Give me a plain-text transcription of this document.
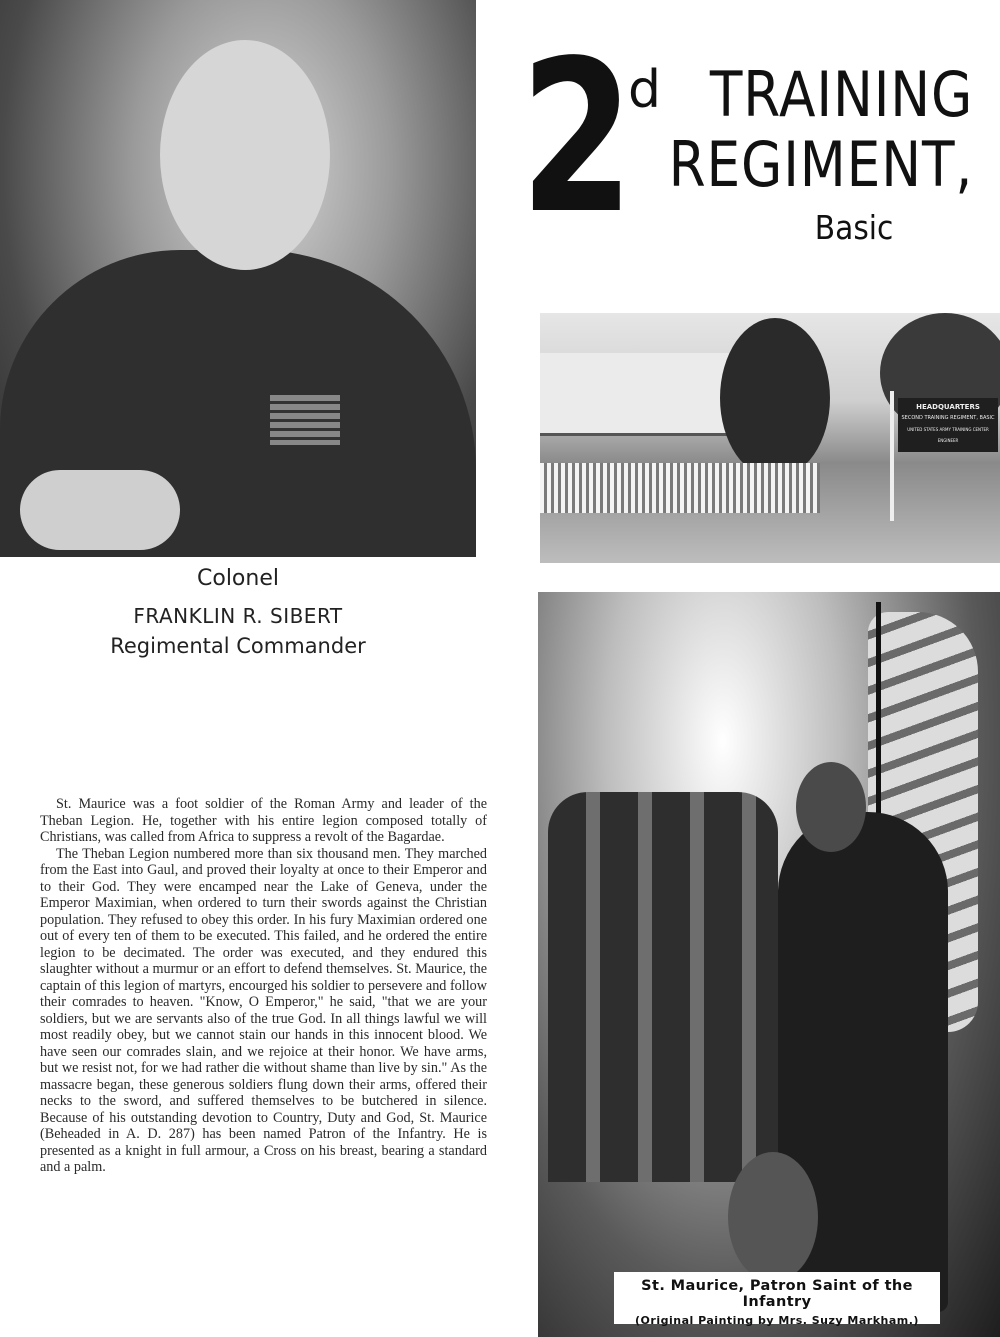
2
d TRAINING
REGIMENT,
Basic
HEADQUARTERS
SECOND TRAINING REGIMENT, BASIC
UNITED STATES ARMY TRAINING CENTER ENGINEER
Colonel
FRANKLIN R. SIBERT
Regimental Commander

St. Maurice was a foot soldier of the Roman Army and leader of the Theban Legion. He, together with his entire legion composed totally of Christians, was called from Africa to suppress a revolt of the Bagardae.

The Theban Legion numbered more than six thousand men. They marched from the East into Gaul, and proved their loyalty at once to their Emperor and to their God. They were encamped near the Lake of Geneva, under the Emperor Maximian, when ordered to turn their swords against the Christian population. They refused to obey this order. In his fury Maximian ordered one out of every ten of them to be executed. This failed, and he ordered the entire legion to be decimated. The order was executed, and they endured this slaughter without a murmur or an effort to defend themselves. St. Maurice, the captain of this legion of martyrs, encourged his soldier to persevere and follow their comrades to heaven. "Know, O Emperor," he said, "that we are your soldiers, but we are servants also of the true God. In all things lawful we will most readily obey, but we cannot stain our hands in this innocent blood. We have seen our comrades slain, and we rejoice at their honor. We have arms, but we resist not, for we had rather die without shame than live by sin." As the massacre began, these generous soldiers flung down their arms, offered their necks to the sword, and suffered themselves to be butchered in silence. Because of his outstanding devotion to Country, Duty and God, St. Maurice (Beheaded in A. D. 287) has been named Patron of the Infantry. He is presented as a knight in full armour, a Cross on his breast, bearing a standard and a palm.

St. Maurice, Patron Saint of the Infantry
(Original Painting by Mrs. Suzy Markham.)
